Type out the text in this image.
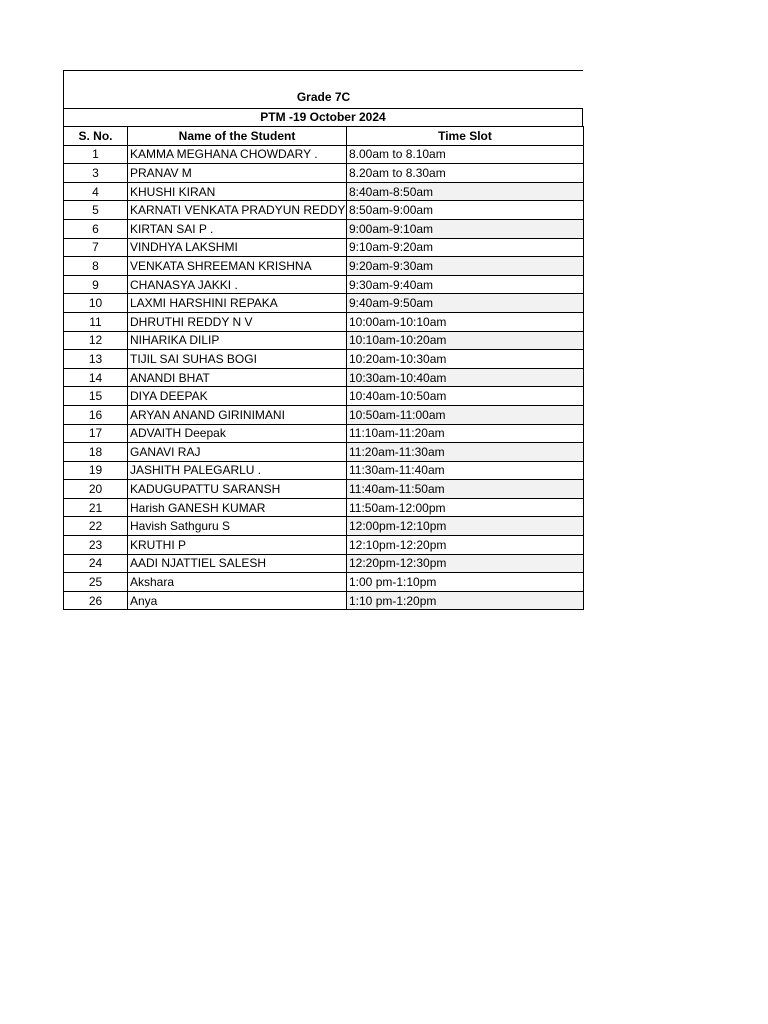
Grade 7C
PTM -19 October 2024
S. No.	Name of the Student	Time Slot
1	KAMMA MEGHANA CHOWDARY .	8.00am to 8.10am
3	PRANAV M	8.20am to 8.30am
4	KHUSHI KIRAN	8:40am-8:50am
5	KARNATI VENKATA PRADYUN REDDY	8:50am-9:00am
6	KIRTAN SAI P .	9:00am-9:10am
7	VINDHYA LAKSHMI	9:10am-9:20am
8	VENKATA SHREEMAN KRISHNA	9:20am-9:30am
9	CHANASYA JAKKI .	9:30am-9:40am
10	LAXMI HARSHINI REPAKA	9:40am-9:50am
11	DHRUTHI REDDY N V	10:00am-10:10am
12	NIHARIKA DILIP	10:10am-10:20am
13	TIJIL SAI SUHAS BOGI	10:20am-10:30am
14	ANANDI BHAT	10:30am-10:40am
15	DIYA DEEPAK	10:40am-10:50am
16	ARYAN ANAND GIRINIMANI	10:50am-11:00am
17	ADVAITH Deepak	11:10am-11:20am
18	GANAVI RAJ	11:20am-11:30am
19	JASHITH PALEGARLU .	11:30am-11:40am
20	KADUGUPATTU SARANSH	11:40am-11:50am
21	Harish GANESH KUMAR	11:50am-12:00pm
22	Havish Sathguru S	12:00pm-12:10pm
23	KRUTHI P	12:10pm-12:20pm
24	AADI NJATTIEL SALESH	12:20pm-12:30pm
25	Akshara	1:00 pm-1:10pm
26	Anya	1:10 pm-1:20pm
